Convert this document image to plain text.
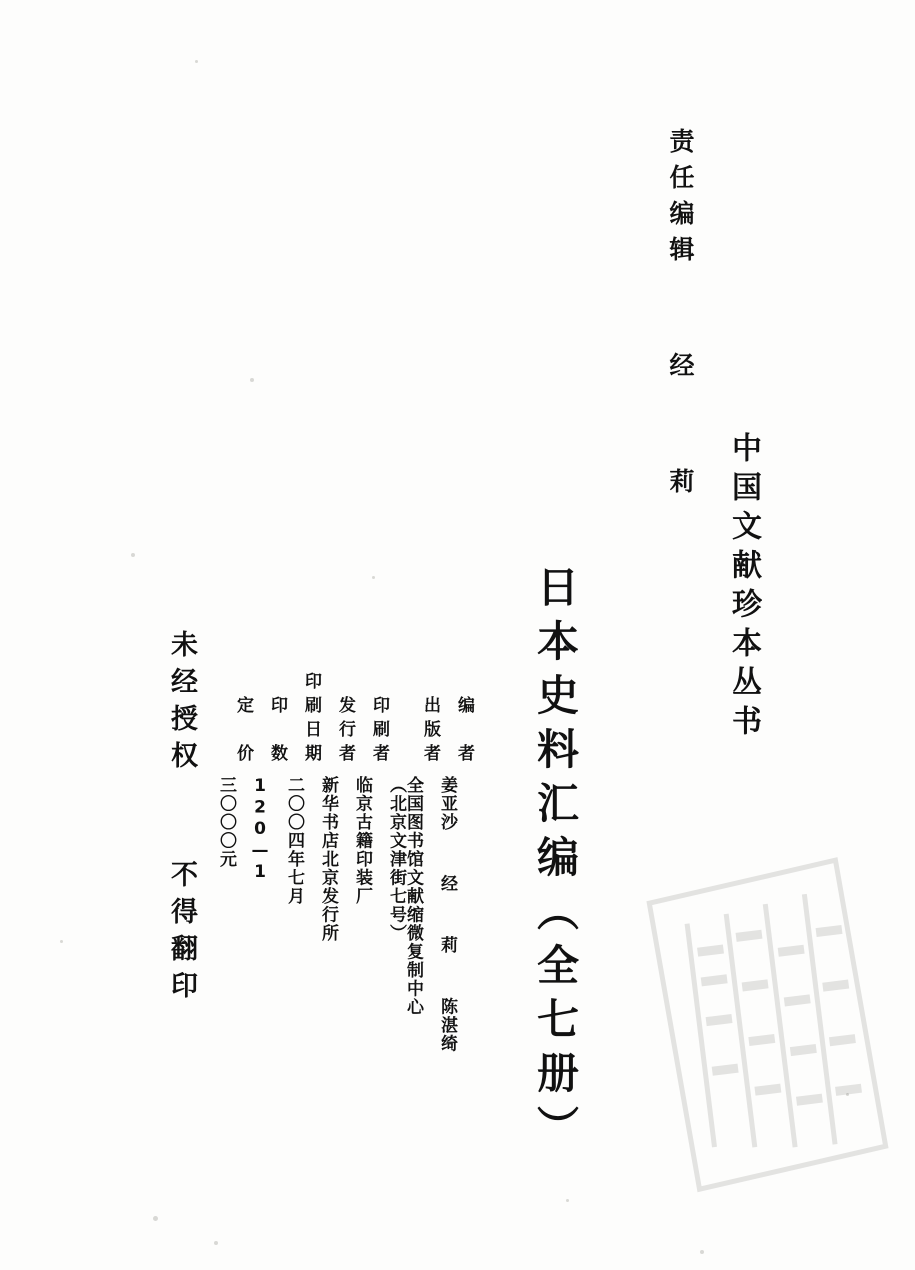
责任编辑  经  莉
中国文献珍本丛书
日本史料汇编（全七册）
编　者
姜亚沙  经  莉  陈湛绮
出版者
全国图书馆文献缩微复制中心
（北京文津街七号）
印刷者
临京古籍印装厂
发行者
新华书店北京发行所
印刷日期
二〇〇四年七月
印　数
1—120
定　价
三〇〇〇元
未经授权  不得翻印
